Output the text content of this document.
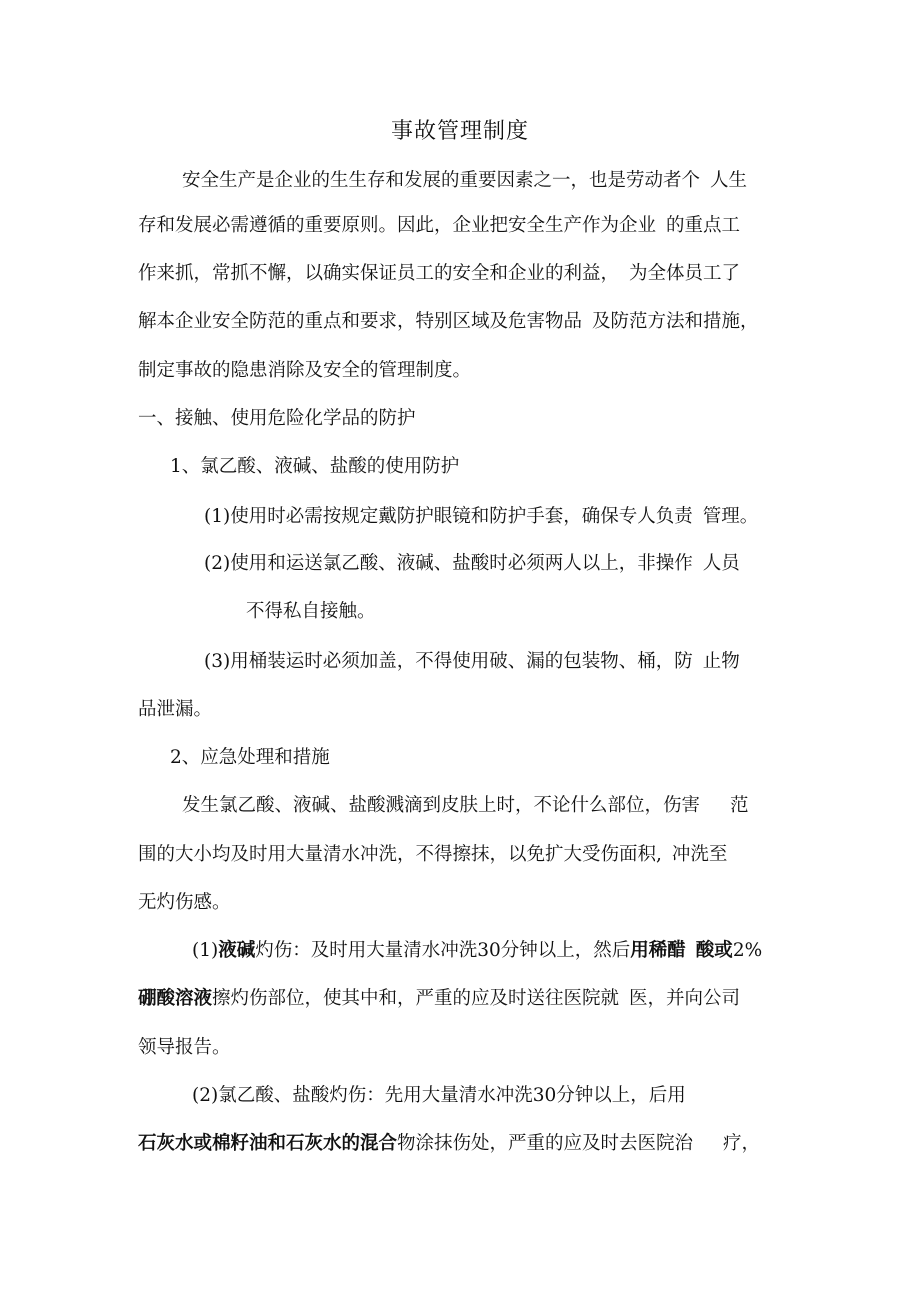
事故管理制度
安全生产是企业的生生存和发展的重要因素之一，也是劳动者个 人生
存和发展必需遵循的重要原则。因此，企业把安全生产作为企业 的重点工
作来抓，常抓不懈，以确实保证员工的安全和企业的利益， 为全体员工了
解本企业安全防范的重点和要求，特别区域及危害物品 及防范方法和措施，
制定事故的隐患消除及安全的管理制度。
一、接触、使用危险化学品的防护
1、氯乙酸、液碱、盐酸的使用防护
(1)使用时必需按规定戴防护眼镜和防护手套，确保专人负责 管理。
(2)使用和运送氯乙酸、液碱、盐酸时必须两人以上，非操作 人员
不得私自接触。
(3)用桶装运时必须加盖，不得使用破、漏的包装物、桶，防 止物
品泄漏。
2、应急处理和措施
发生氯乙酸、液碱、盐酸溅滴到皮肤上时，不论什么部位，伤害 范
围的大小均及时用大量清水冲洗，不得擦抹，以免扩大受伤面积, 冲洗至
无灼伤感。
(1)液碱灼伤：及时用大量清水冲洗30分钟以上，然后用稀醋 酸或2%
硼酸溶液擦灼伤部位，使其中和，严重的应及时送往医院就 医，并向公司
领导报告。
(2)氯乙酸、盐酸灼伤：先用大量清水冲洗30分钟以上，后用
石灰水或棉籽油和石灰水的混合物涂抹伤处，严重的应及时去医院治 疗，
